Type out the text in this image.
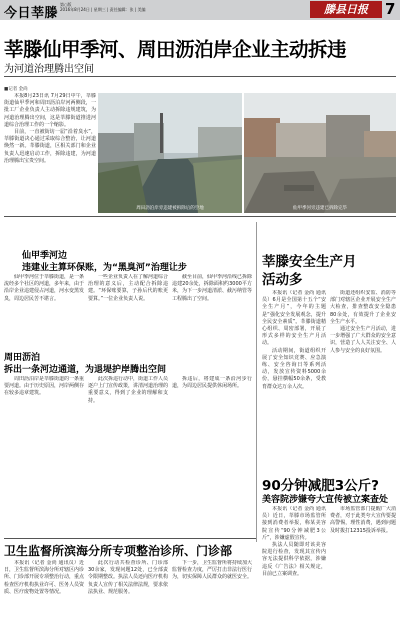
今日莘滕
第○版
2016年8月24日 | 星期三 | 责任编辑：张 | 美编	滕县日报	7
莘滕仙甲季河、周田沥泊岸企业主动拆违
为河道治理腾出空间
■记者 金尚

本报8月23日讯 7月29日中午，莘滕街道仙甲季河和周田沥泊岸河两侧段，一批工厂企业负责人主动拆除违规建筑，为河道治理腾出空间，这是莘滕街道推进河道综合治理工作的一个缩影。

目前，一直被街坊一届“沿着臭水”，莘滕街道决心通过采取综合整治，让河道焕然一新。莘滕街道，区相关部门和企业负责人迅速启动工作，拆除违建，为河道治理腾出宝贵空间。

周田沥泊岸旁违建被拆除后的空地	仙甲季河旁违建已拆除完毕
仙甲季河边
违建业主算环保账，为“黑臭河”治理让步

仙甲季河位于莘滕街道，是一条流经多个社区的河道，多年来，由于沿岸企业违建侵占河道，河水变黑发臭，周边居民苦不堪言。

一些企业负责人在了解河道综合治理的意义后，主动配合拆除违建。“环保账要算，子孙后代的账更要算。”一位企业负责人说。

截至目前，仙甲季河沿线已拆除违建20余处，拆除面积约3000平方米，为下一步河道清淤、截污纳管等工程腾出了空间。

周田沥泊
拆出一条河边通道，为退堤护岸腾出空间

周田沥泊岸是莘滕街道的一条重要河道。由于历史原因，河岸两侧存在较多违章建筑。

此次拆违行动中，街道工作人员逐户上门宣传政策，讲清河道治理的重要意义，得到了企业的理解和支持。

拆违后，将建成一条沿河步行道，为周边居民提供休闲场所。

莘滕安全生产月
活动多

本报讯（记者 金尚 通讯员）6月是全国第十五个“安全生产月”，今年的主题是“强化安全发展观念，提升全民安全素质”。莘滕街道精心组织、周密部署，开展了形式多样的安全生产月活动。

活动期间，街道组织开展了安全知识竞赛、应急演练、安全咨询日等系列活动，发放宣传资料5000余份，悬挂横幅50余条，受教育群众达万余人次。

街道还组织安监、消防等部门对辖区企业开展安全生产大检查，排查整改安全隐患80余处，有效提升了企业安全生产水平。

通过安全生产月活动，进一步增强了广大群众的安全意识，营造了人人关注安全、人人参与安全的良好氛围。

90分钟减肥3公斤?
美容院涉嫌夸大宣传被立案查处

本报讯（记者 金尚 通讯员）近日，莘滕市场监管所接到消费者举报，称某美容院宣传“90分钟减肥3公斤”，涉嫌虚假宣传。

执法人员随即对该美容院进行检查，发现其宣传内容无法提供科学依据，涉嫌违反《广告法》相关规定，目前已立案调查。

市场监管部门提醒广大消费者，对于此类夸大宣传要提高警惕，理性消费，遇到问题及时拨打12315投诉举报。

卫生监督所滨海分所专项整治诊所、门诊部

本报讯（记者 金尚 通讯员）近日，卫生监督所滨海分所对辖区内诊所、门诊部开展专项整治行动，重点检查医疗机构执业许可、医务人员资质、医疗废物处置等情况。

此次行动共检查诊所、门诊部30余家，发现问题12处，已全部责令限期整改。执法人员还向医疗机构负责人宣传了相关法律法规，要求依法执业、规范服务。

下一步，卫生监督所将持续加大监督检查力度，严厉打击非法行医行为，切实保障人民群众的就医安全。
